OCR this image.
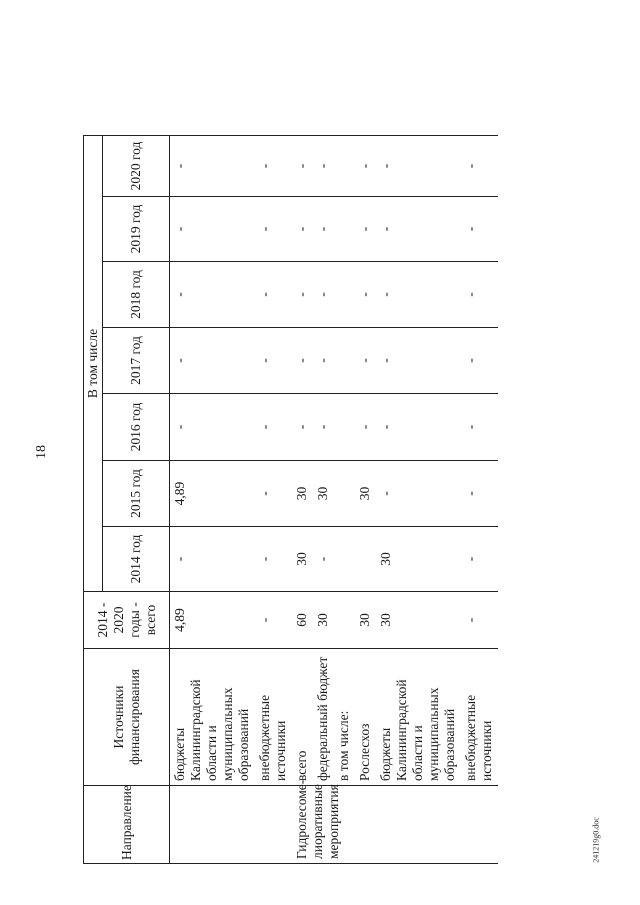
18
Направление	Источники финансирования	2014 - 2020 годы - всего	В том числе						
			2014 год	2015 год	2016 год	2017 год	2018 год	2019 год	2020 год
	бюджеты Калининградской области и муниципальных образований	4,89	-	4,89	-	-	-	-	-
	внебюджетные источники	-	-	-	-	-	-	-	-
Гидролесоме- лиоративные мероприятия	всего	60	30	30	-	-	-	-	-
	федеральный бюджет	30	-	30	-	-	-	-	-
	в том числе:								
	Рослесхоз	30		30	-	-	-	-	-
	бюджеты Калининградской области и муниципальных образований	30	30	-	-	-	-	-	-
	внебюджетные источники	-	-	-	-	-	-	-	-
241219g0.doc
